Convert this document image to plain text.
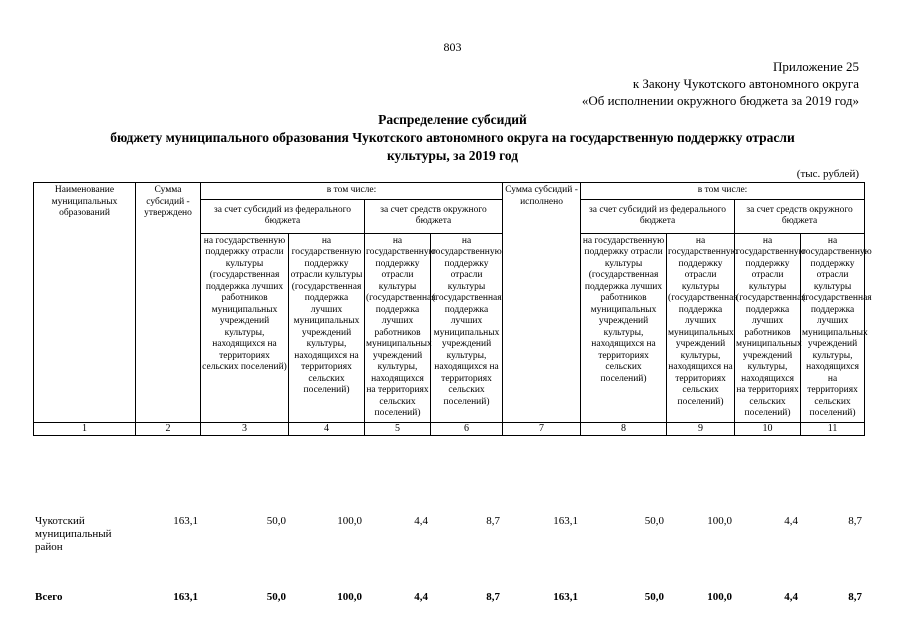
803
Приложение 25
к Закону Чукотского автономного округа
«Об исполнении окружного бюджета за 2019 год»
Распределение субсидий
бюджету муниципального образования Чукотского автономного округа на государственную поддержку отрасли
культуры, за 2019 год
(тыс. рублей)
Наименование муниципальных образований	Сумма субсидий - утверждено	в том числе:				Сумма субсидий - исполнено	в том числе:			
		за счет субсидий из федерального бюджета		за счет средств окружного бюджета			за счет субсидий из федерального бюджета		за счет средств окружного бюджета	
		на государственную поддержку отрасли культуры (государственная поддержка лучших работников муниципальных учреждений культуры, находящихся на территориях сельских поселений)	на государственную поддержку отрасли культуры (государственная поддержка лучших муниципальных учреждений культуры, находящихся на территориях сельских поселений)	на государственную поддержку отрасли культуры (государственная поддержка лучших работников муниципальных учреждений культуры, находящихся на территориях сельских поселений)	на государственную поддержку отрасли культуры (государственная поддержка лучших муниципальных учреждений культуры, находящихся на территориях сельских поселений)		на государственную поддержку отрасли культуры (государственная поддержка лучших работников муниципальных учреждений культуры, находящихся на территориях сельских поселений)	на государственную поддержку отрасли культуры (государственная поддержка лучших муниципальных учреждений культуры, находящихся на территориях сельских поселений)	на государственную поддержку отрасли культуры (государственная поддержка лучших работников муниципальных учреждений культуры, находящихся на территориях сельских поселений)	на государственную поддержку отрасли культуры (государственная поддержка лучших муниципальных учреждений культуры, находящихся на территориях сельских поселений)
1	2	3	4	5	6	7	8	9	10	11
Чукотский муниципальный район	163,1	50,0	100,0	4,4	8,7	163,1	50,0	100,0	4,4	8,7
Всего	163,1	50,0	100,0	4,4	8,7	163,1	50,0	100,0	4,4	8,7
